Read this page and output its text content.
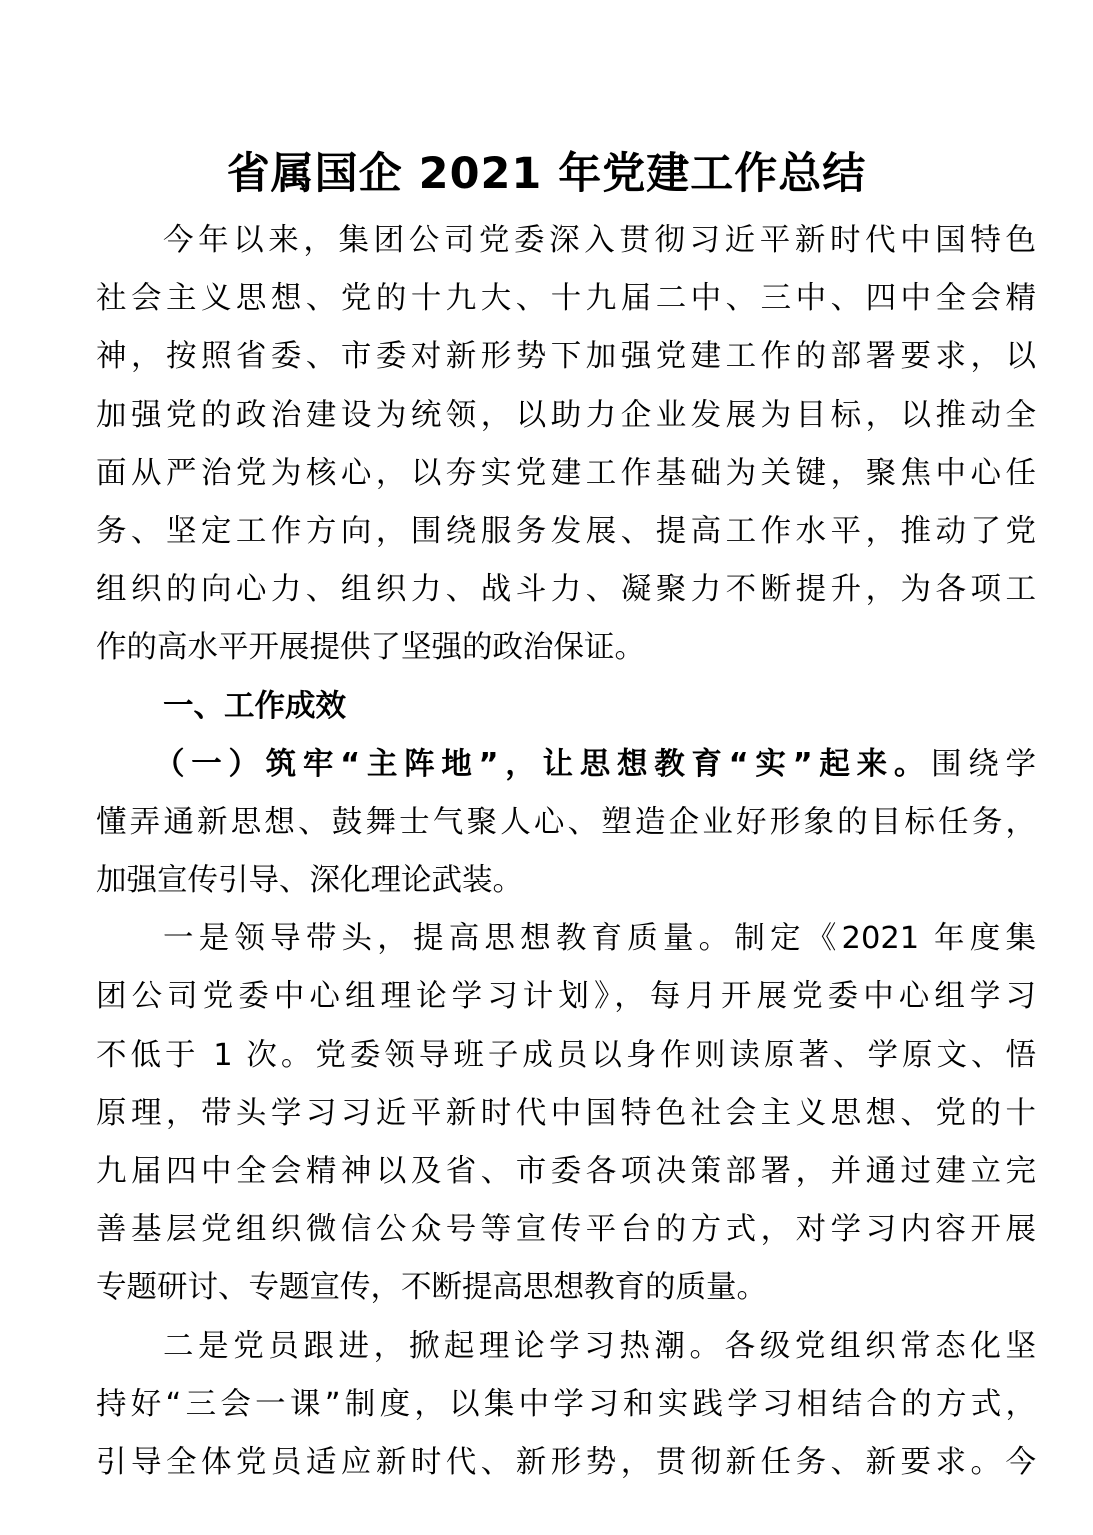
省属国企 2021 年党建工作总结
今年以来，集团公司党委深入贯彻习近平新时代中国特色
社会主义思想、党的十九大、十九届二中、三中、四中全会精
神，按照省委、市委对新形势下加强党建工作的部署要求，以
加强党的政治建设为统领，以助力企业发展为目标，以推动全
面从严治党为核心，以夯实党建工作基础为关键，聚焦中心任
务、坚定工作方向，围绕服务发展、提高工作水平，推动了党
组织的向心力、组织力、战斗力、凝聚力不断提升，为各项工
作的高水平开展提供了坚强的政治保证。
一、工作成效
（一）筑牢“主阵地”，让思想教育“实”起来。围绕学
懂弄通新思想、鼓舞士气聚人心、塑造企业好形象的目标任务，
加强宣传引导、深化理论武装。
一是领导带头，提高思想教育质量。制定《2021 年度集
团公司党委中心组理论学习计划》，每月开展党委中心组学习
不低于 1 次。党委领导班子成员以身作则读原著、学原文、悟
原理，带头学习习近平新时代中国特色社会主义思想、党的十
九届四中全会精神以及省、市委各项决策部署，并通过建立完
善基层党组织微信公众号等宣传平台的方式，对学习内容开展
专题研讨、专题宣传，不断提高思想教育的质量。
二是党员跟进，掀起理论学习热潮。各级党组织常态化坚
持好“三会一课”制度，以集中学习和实践学习相结合的方式，
引导全体党员适应新时代、新形势，贯彻新任务、新要求。今
